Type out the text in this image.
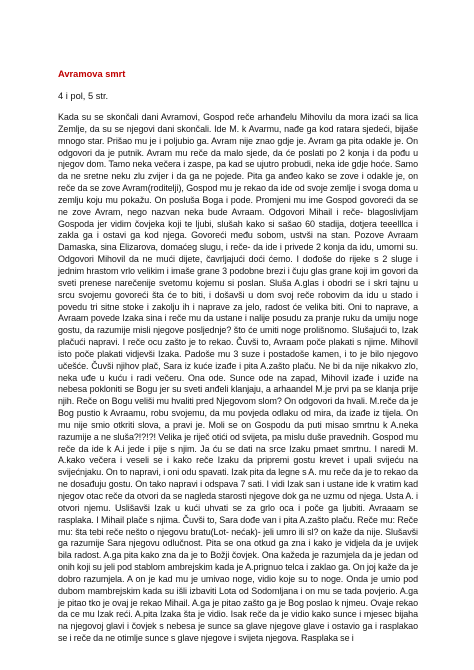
Avramova smrt

4 i pol, 5 str.

Kada su se skončali dani Avramovi, Gospod reče arhanđelu Mihovilu da mora izaći sa lica Zemlje, da su se njegovi dani skončali. Ide M. k Avarmu, nađe ga kod ratara sjedeći, bijaše mnogo star. Prišao mu je i poljubio ga. Avram nije znao gdje je. Avram ga pita odakle je. On odgovori da je putnik. Avram mu reče da malo sjede, da će poslati po 2 konja i da pođu u njegov dom. Tamo neka večera i zaspe, pa kad se ujutro probudi, neka ide gdje hoće. Samo da ne sretne neku zlu zvijer i da ga ne pojede. Pita ga anđeo kako se zove i odakle je, on reče da se zove Avram(roditelji), Gospod mu je rekao da ide od svoje zemlje i svoga doma u zemlju koju mu pokažu. On posluša Boga i pode. Promjeni mu ime Gospod govoreći da se ne zove Avram, nego nazvan neka bude Avraam. Odgovori Mihail i reče- blagoslivljam Gospoda jer vidim čovjeka koji te ljubi, slušah kako si sašao 60 stadija, dotjera teeelllca i zakla ga i ostavi ga kod njega. Govoreći među sobom, ustvši na stan. Pozove Avraam Damaska, sina Elizarova, domaćeg slugu, i reče- da ide i privede 2 konja da idu, umorni su. Odgovori Mihovil da ne mući dijete, čavrljajući doći ćemo. I dođoše do rijeke s 2 sluge i jednim hrastom vrlo velikim i imaše grane 3 podobne brezi i čuju glas grane koji im govori da sveti prenese narečenije svetomu kojemu si poslan. Sluša A.glas i obodri se i skri tajnu u srcu svojemu govoreći šta će to biti, i došavši u dom svoj reče robovim da idu u stado i povedu tri sitne stoke i zakolju ih i naprave za jelo, radost će velika biti. Oni to naprave, a Avraam povede Izaka sina i reče mu da ustane i nalije posudu za pranje ruku da umiju noge gostu, da razumije misli njegove posljednje? što će umiti noge prolišnomo. Slušajući to, Izak plačući napravi. I reče ocu zašto je to rekao. Čuvši to, Avraam poče plakati s njime. Mihovil isto poče plakati vidjevši Izaka. Padoše mu 3 suze i postadoše kamen, i to je bilo njegovo učešće. Čuvši njihov plač, Sara iz kuće izađe i pita A.zašto plaču. Ne bi da nije nikakvo zlo, neka uđe u kuću i radi večeru. Ona ode. Sunce ode na zapad, Mihovil izađe i uziđe na nebesa pokloniti se Bogu jer su sveti anđeli klanjaju, a arhaandel M.je prvi pa se klanja prije njih. Reče on Bogu veliši mu hvaliti pred Njegovom slom? On odgovori da hvali. M.reče da je Bog pustio k Avraamu, robu svojemu, da mu povjeda odlaku od mira, da izađe iz tijela. On mu nije smio otkriti slova, a pravi je. Moli se on Gospodu da puti misao smrtnu k A.neka razumije a ne sluša?!?!?! Velika je riječ otići od svijeta, pa mislu duše pravednih. Gospod mu reče da ide k A.i jede i pije s njim. Ja ću se dati na srce Izaku pmaet smrtnu. I naredi M. A.kako večera i veseli se i kako reče Izaku da pripremi gostu krevet i upali svijeću na svijećnjaku. On to napravi, i oni odu spavati. Izak pita da legne s A. mu reče da je to rekao da ne dosađuju gostu. On tako napravi i odspava 7 sati. I vidi Izak san i ustane ide k vratim kad njegov otac reče da otvori da se nagleda starosti njegove dok ga ne uzmu od njega. Usta A. i otvori njemu. Uslišavši Izak u kući uhvati se za grlo oca i poče ga ljubiti. Avraaam se rasplaka. I Mihail plače s njima. Čuvši to, Sara dođe van i pita A.zašto plaču. Reče mu: Reče mu: šta tebi reče nešto o njegovu bratu(Lot- nećak)- jeli umro ili sl? on kaže da nije. Slušavši ga razumije Sara njegovu odlučnost. Pita se ona otkud ga zna i kako je vidjela da je uvijek bila radost. A.ga pita kako zna da je to Božji čovjek. Ona kažeda je razumjela da je jedan od onih koji su jeli pod stablom ambrejskim kada je A.prignuo telca i zaklao ga. On joj kaže da je dobro razumjela. A on je kad mu je umivao noge, vidio koje su to noge. Onda je umio pod dubom mambrejskim kada su išli izbaviti Lota od Sodomljana i on mu se tada povjerio. A.ga je pitao tko je ovaj je rekao Mihail. A.ga je pitao zašto ga je Bog poslao k njmeu. Ovaje rekao da ce mu Izak reći. A.pita Izaka šta je vidio. Isak reče da je vidio kako sunce i mjesec bijaha na njegovoj glavi i čovjek s nebesa je sunce sa glave njegove glave i ostavio ga i rasplakao se i reče da ne otimlje sunce s glave njegove i svijeta njegova. Rasplaka se i
